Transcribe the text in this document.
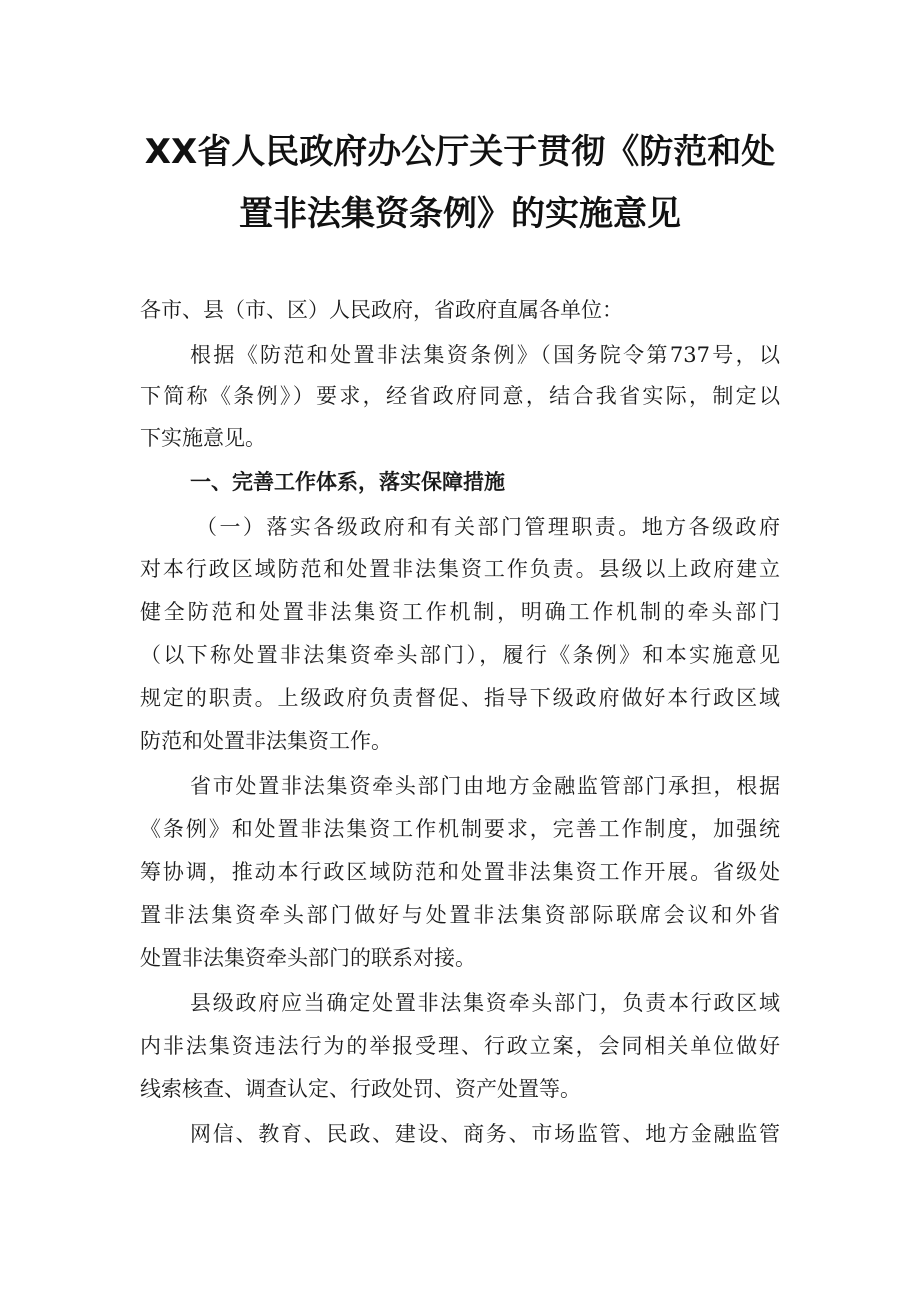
XX省人民政府办公厅关于贯彻《防范和处
置非法集资条例》的实施意见
各市、县（市、区）人民政府，省政府直属各单位：
根据《防范和处置非法集资条例》（国务院令第737号，以
下简称《条例》）要求，经省政府同意，结合我省实际，制定以
下实施意见。
一、完善工作体系，落实保障措施
（一）落实各级政府和有关部门管理职责。地方各级政府
对本行政区域防范和处置非法集资工作负责。县级以上政府建立
健全防范和处置非法集资工作机制，明确工作机制的牵头部门
（以下称处置非法集资牵头部门），履行《条例》和本实施意见
规定的职责。上级政府负责督促、指导下级政府做好本行政区域
防范和处置非法集资工作。
省市处置非法集资牵头部门由地方金融监管部门承担，根据
《条例》和处置非法集资工作机制要求，完善工作制度，加强统
筹协调，推动本行政区域防范和处置非法集资工作开展。省级处
置非法集资牵头部门做好与处置非法集资部际联席会议和外省
处置非法集资牵头部门的联系对接。
县级政府应当确定处置非法集资牵头部门，负责本行政区域
内非法集资违法行为的举报受理、行政立案，会同相关单位做好
线索核查、调查认定、行政处罚、资产处置等。
网信、教育、民政、建设、商务、市场监管、地方金融监管
